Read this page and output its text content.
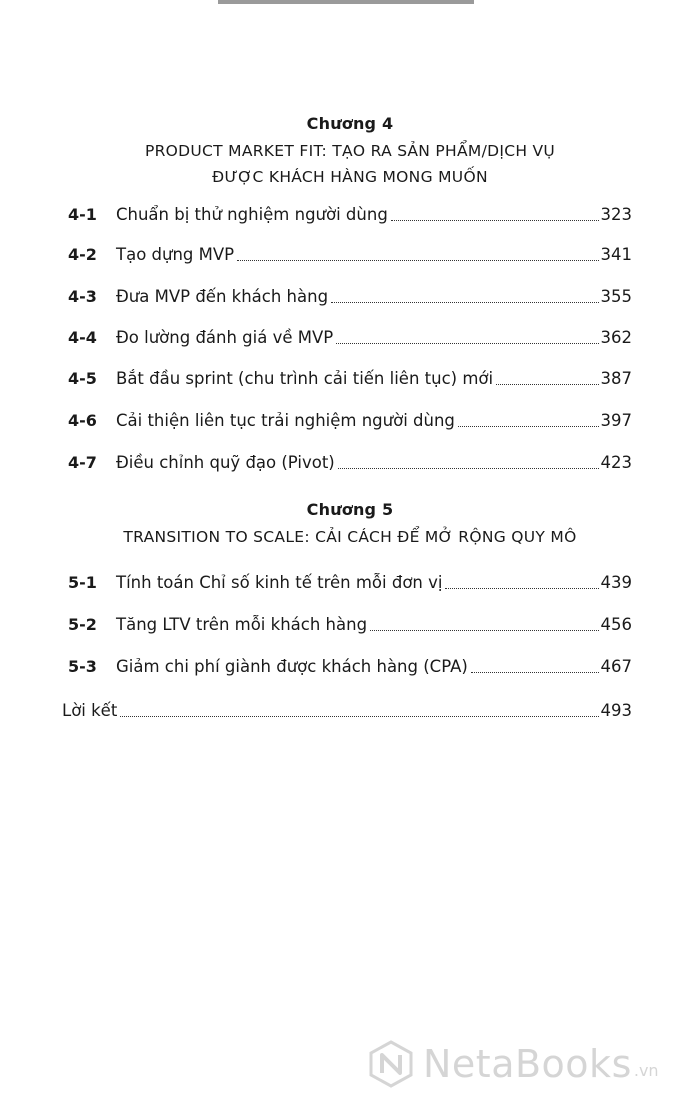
Chương 4
PRODUCT MARKET FIT: TẠO RA SẢN PHẨM/DỊCH VỤ
ĐƯỢC KHÁCH HÀNG MONG MUỐN
4-1	Chuẩn bị thử nghiệm người dùng	323
4-2	Tạo dựng MVP	341
4-3	Đưa MVP đến khách hàng	355
4-4	Đo lường đánh giá về MVP	362
4-5	Bắt đầu sprint (chu trình cải tiến liên tục) mới	387
4-6	Cải thiện liên tục trải nghiệm người dùng	397
4-7	Điều chỉnh quỹ đạo (Pivot)	423
Chương 5
TRANSITION TO SCALE: CẢI CÁCH ĐỂ MỞ RỘNG QUY MÔ
5-1	Tính toán Chỉ số kinh tế trên mỗi đơn vị	439
5-2	Tăng LTV trên mỗi khách hàng	456
5-3	Giảm chi phí giành được khách hàng (CPA)	467
Lời kết	493
NetaBooks .vn
